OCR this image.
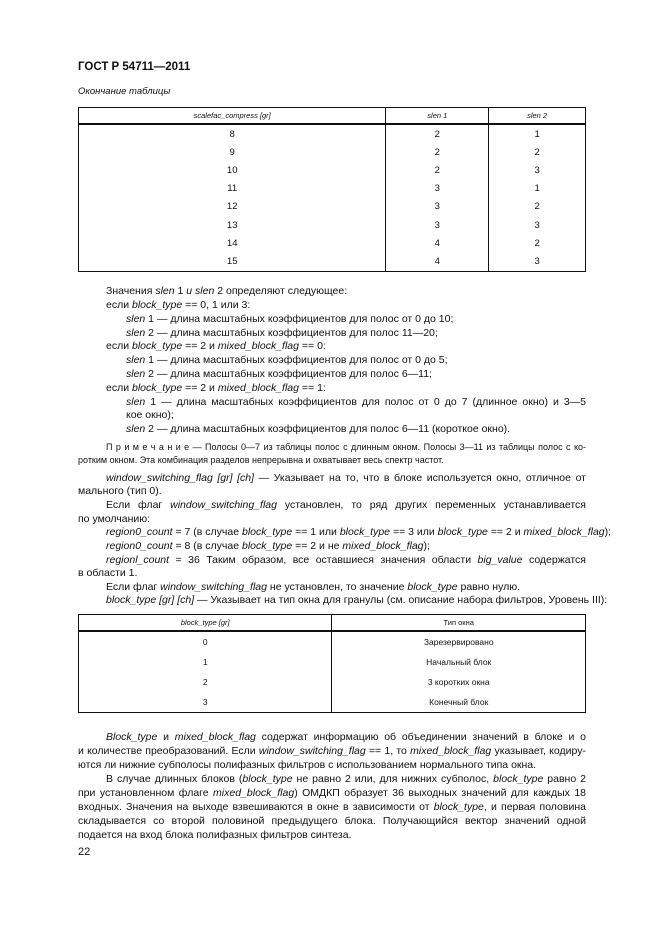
ГОСТ Р 54711—2011
Окончание таблицы
scalefac_compress [gr]	slen 1	slen 2
8	2	1
9	2	2
10	2	3
11	3	1
12	3	2
13	3	3
14	4	2
15	4	3
Значения slen 1 и slen 2 определяют следующее:
если block_type == 0, 1 или 3:
slen 1 — длина масштабных коэффициентов для полос от 0 до 10;
slen 2 — длина масштабных коэффициентов для полос 11—20;
если block_type == 2 и mixed_block_flag == 0:
slen 1 — длина масштабных коэффициентов для полос от 0 до 5;
slen 2 — длина масштабных коэффициентов для полос 6—11;
если block_type == 2 и mixed_block_flag == 1:
slen 1 — длина масштабных коэффициентов для полос от 0 до 7 (длинное окно) и 3—5
кое окно);
slen 2 — длина масштабных коэффициентов для полос 6—11 (короткое окно).
П р и м е ч а н и е — Полосы 0—7 из таблицы полос с длинным окном. Полосы 3—11 из таблицы полос с ко-
ротким окном. Эта комбинация разделов непрерывна и охватывает весь спектр частот.
window_switching_flag [gr] [ch] — Указывает на то, что в блоке используется окно, отличное от
мального (тип 0).
Если флаг window_switching_flag установлен, то ряд других переменных устанавливается
по умолчанию:
region0_count = 7 (в случае block_type == 1 или block_type == 3 или block_type == 2 и mixed_block_flag);
region0_count = 8 (в случае block_type == 2 и не mixed_block_flag);
regionl_count = 36 Таким образом, все оставшиеся значения области big_value содержатся
в области 1.
Если флаг window_switching_flag не установлен, то значение block_type равно нулю.
block_type [gr] [ch] — Указывает на тип окна для гранулы (см. описание набора фильтров, Уровень III):
Block_type и mixed_block_flag содержат информацию об объединении значений в блоке и о
и количестве преобразований. Если window_switching_flag == 1, то mixed_block_flag указывает, кодиру-
ются ли нижние субполосы полифазных фильтров с использованием нормального типа окна.
В случае длинных блоков (block_type не равно 2 или, для нижних субполос, block_type равно 2
при установленном флаге mixed_block_flag) ОМДКП образует 36 выходных значений для каждых 18
входных. Значения на выходе взвешиваются в окне в зависимости от block_type, и первая половина
складывается со второй половиной предыдущего блока. Получающийся вектор значений одной
подается на вход блока полифазных фильтров синтеза.
block_type [gr]	Тип окна
0	Зарезервировано
1	Начальный блок
2	3 коротких окна
3	Конечный блок
22
